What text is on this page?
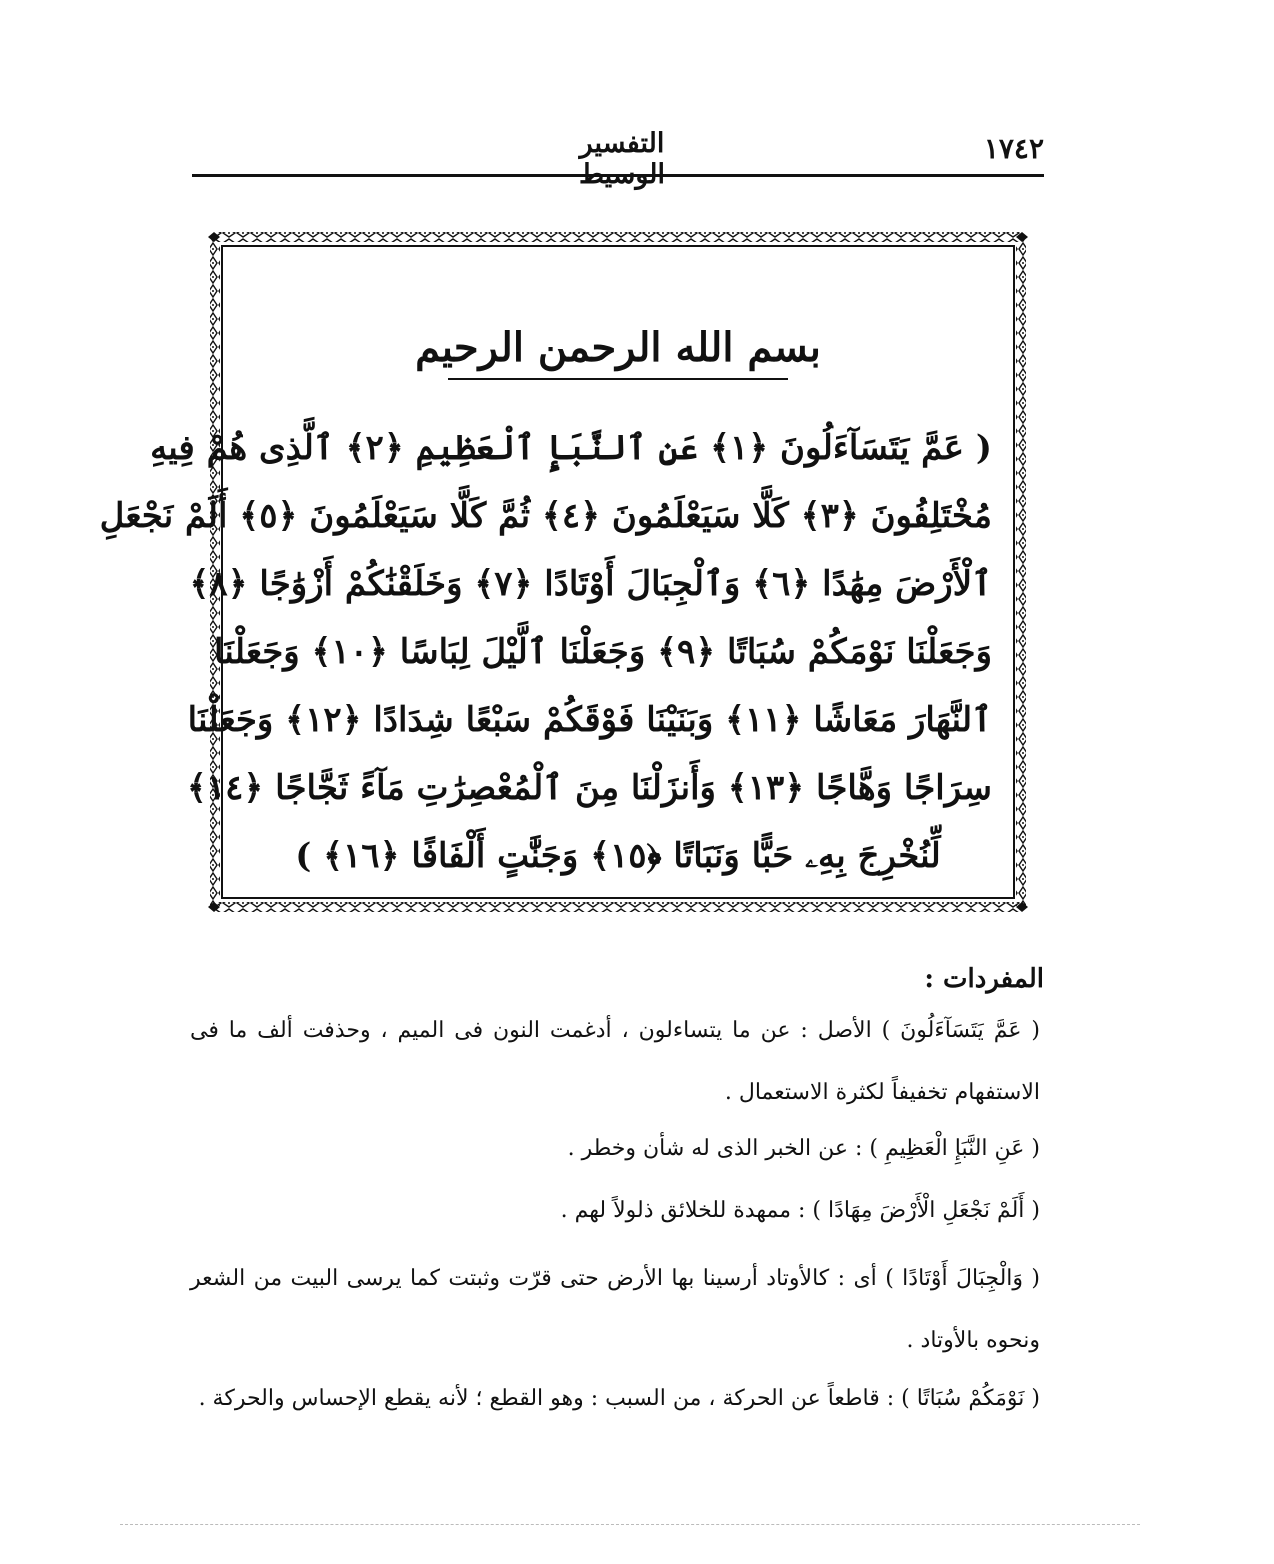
١٧٤٢
التفسير الوسيط
بسم الله الرحمن الرحيم
( عَمَّ يَتَسَآءَلُونَ ﴿١﴾ عَنِ ٱلنَّبَإِ ٱلْعَظِيمِ ﴿٢﴾ ٱلَّذِى هُمْ فِيهِ
مُخْتَلِفُونَ ﴿٣﴾ كَلَّا سَيَعْلَمُونَ ﴿٤﴾ ثُمَّ كَلَّا سَيَعْلَمُونَ ﴿٥﴾ أَلَمْ نَجْعَلِ
ٱلْأَرْضَ مِهَٰدًا ﴿٦﴾ وَٱلْجِبَالَ أَوْتَادًا ﴿٧﴾ وَخَلَقْنَٰكُمْ أَزْوَٰجًا ﴿٨﴾
وَجَعَلْنَا نَوْمَكُمْ سُبَاتًا ﴿٩﴾ وَجَعَلْنَا ٱلَّيْلَ لِبَاسًا ﴿١٠﴾ وَجَعَلْنَا
ٱلنَّهَارَ مَعَاشًا ﴿١١﴾ وَبَنَيْنَا فَوْقَكُمْ سَبْعًا شِدَادًا ﴿١٢﴾ وَجَعَلْنَا
سِرَاجًا وَهَّاجًا ﴿١٣﴾ وَأَنزَلْنَا مِنَ ٱلْمُعْصِرَٰتِ مَآءً ثَجَّاجًا ﴿١٤﴾
لِّنُخْرِجَ بِهِۦ حَبًّا وَنَبَاتًا ﴿١٥﴾ وَجَنَّٰتٍ أَلْفَافًا ﴿١٦﴾ )
المفردات :

( عَمَّ يَتَسَآءَلُونَ ) الأصل : عن ما يتساءلون ، أدغمت النون فى الميم ، وحذفت ألف ما فى الاستفهام تخفيفاً لكثرة الاستعمال .

( عَنِ النَّبَإِ الْعَظِيمِ ) : عن الخبر الذى له شأن وخطر .

( أَلَمْ نَجْعَلِ الْأَرْضَ مِهَادًا ) : ممهدة للخلائق ذلولاً لهم .

( وَالْجِبَالَ أَوْتَادًا ) أى : كالأوتاد أرسينا بها الأرض حتى قرّت وثبتت كما يرسى البيت من الشعر ونحوه بالأوتاد .

( نَوْمَكُمْ سُبَاتًا ) : قاطعاً عن الحركة ، من السبب : وهو القطع ؛ لأنه يقطع الإحساس والحركة .
